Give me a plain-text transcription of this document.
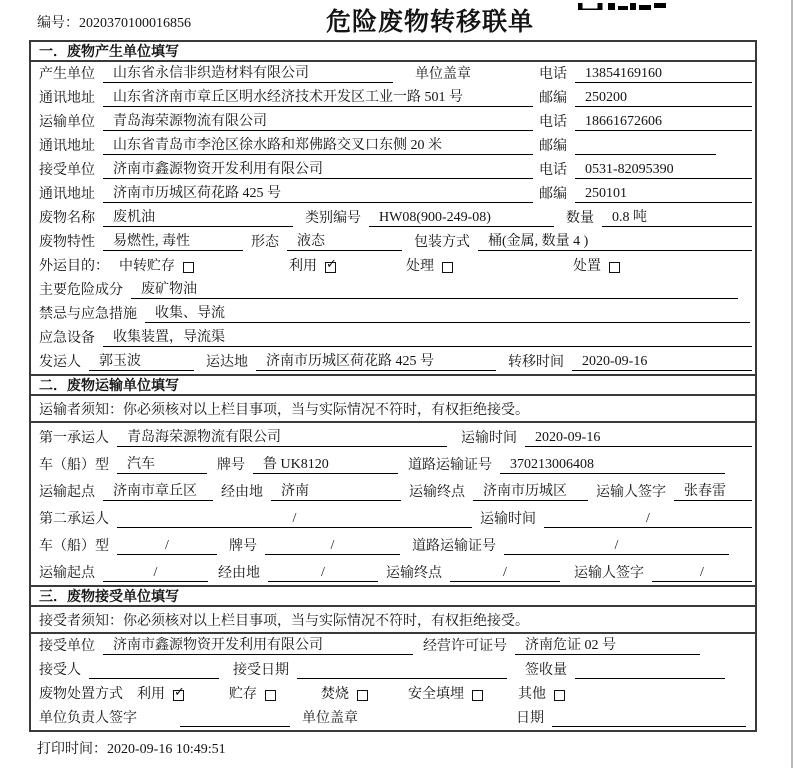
编号：2020370100016856	危险废物转移联单
一．废物产生单位填写
产生单位	山东省永信非织造材料有限公司	单位盖章	电话	13854169160
通讯地址	山东省济南市章丘区明水经济技术开发区工业一路 501 号	邮编	250200
运输单位	青岛海荣源物流有限公司	电话	18661672606
通讯地址	山东省青岛市李沧区徐水路和郑佛路交叉口东侧 20 米	邮编
接受单位	济南市鑫源物资开发利用有限公司	电话	0531-82095390
通讯地址	济南市历城区荷花路 425 号	邮编	250101
废物名称	废机油	类别编号	HW08(900-249-08)	数量	0.8 吨
废物特性	易燃性, 毒性	形态	液态	包装方式	桶(金属, 数量 4 )
外运目的： 中转贮存	利用 ✓	处理	处置
主要危险成分	废矿物油
禁忌与应急措施	收集、导流
应急设备	收集装置，导流渠
发运人	郭玉波	运达地	济南市历城区荷花路 425 号	转移时间	2020-09-16
二．废物运输单位填写
运输者须知：你必须核对以上栏目事项，当与实际情况不符时，有权拒绝接受。
第一承运人	青岛海荣源物流有限公司	运输时间	2020-09-16
车（船）型	汽车	牌号	鲁 UK8120	道路运输证号	370213006408
运输起点	济南市章丘区	经由地	济南	运输终点	济南市历城区	运输人签字	张春雷
第二承运人	/	运输时间	/
车（船）型	/	牌号	/	道路运输证号	/
运输起点	/	经由地	/	运输终点	/	运输人签字	/
三．废物接受单位填写
接受者须知：你必须核对以上栏目事项，当与实际情况不符时，有权拒绝接受。
接受单位	济南市鑫源物资开发利用有限公司	经营许可证号	济南危证 02 号
接受人	接受日期	签收量
废物处置方式 利用 ✓	贮存	焚烧	安全填埋	其他
单位负责人签字	单位盖章	日期
打印时间：2020-09-16 10:49:51
